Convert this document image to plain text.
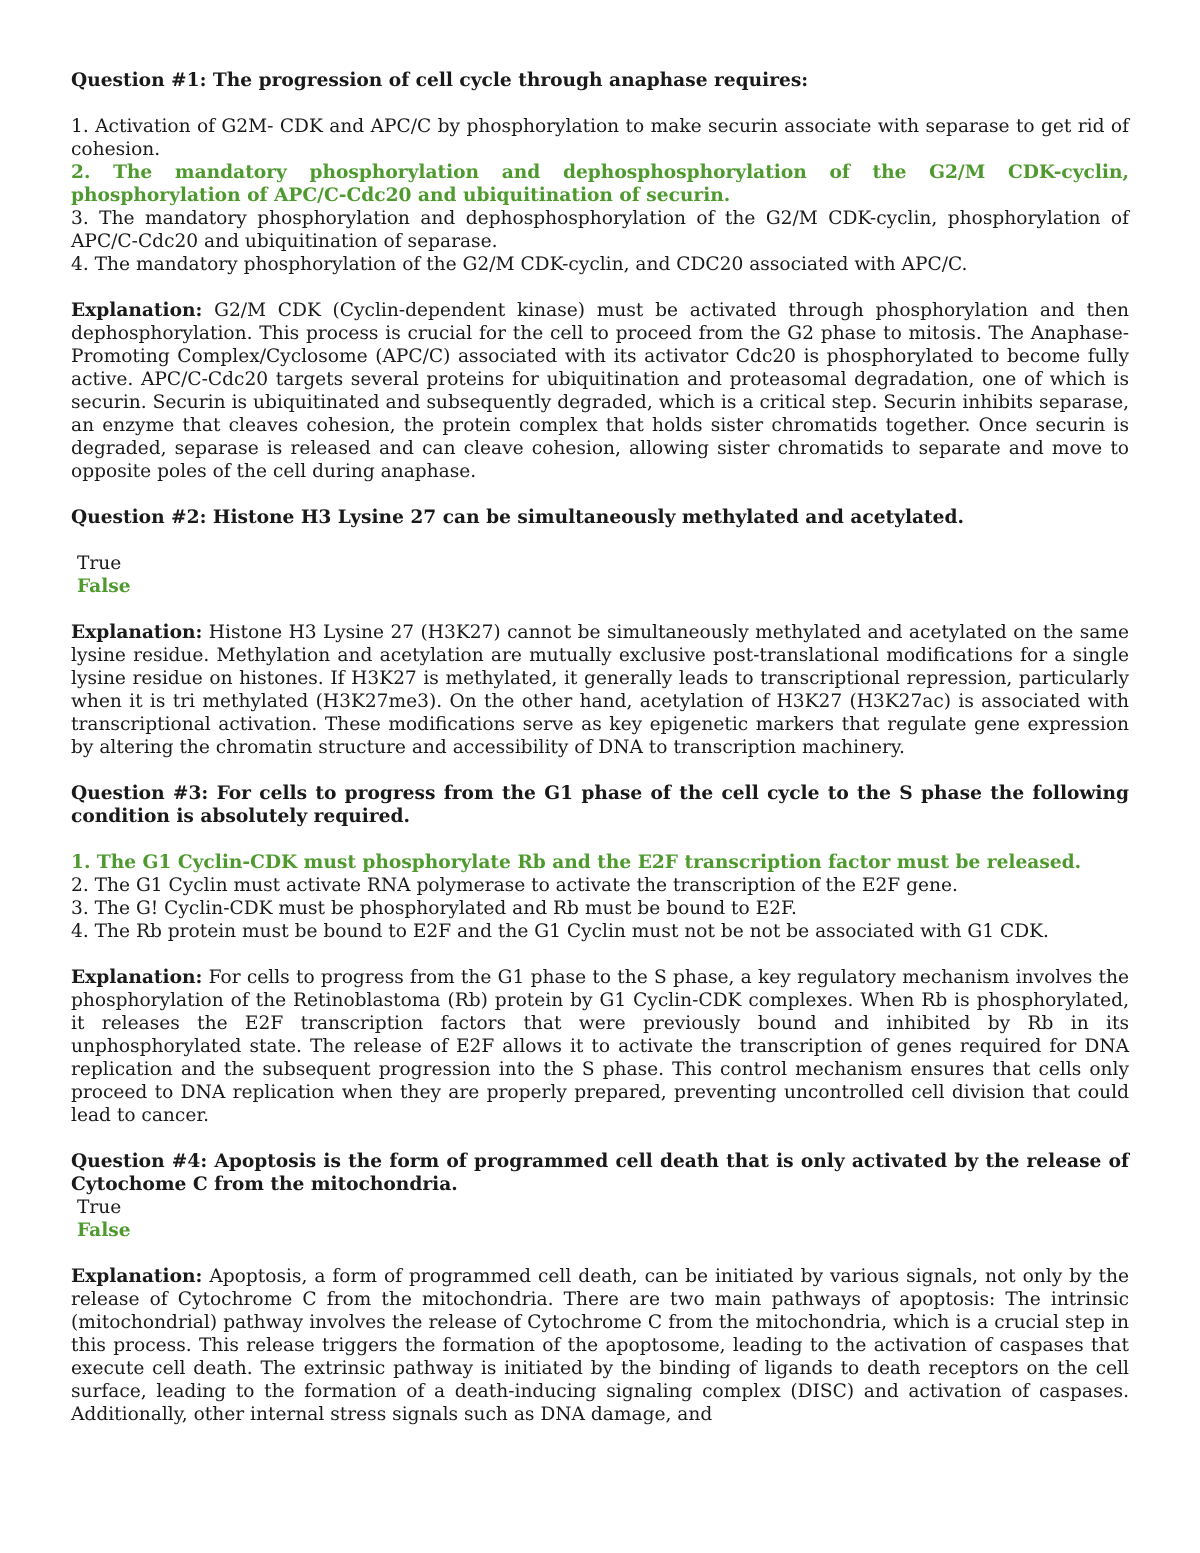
Question #1: The progression of cell cycle through anaphase requires:

1. Activation of G2M- CDK and APC/C by phosphorylation to make securin associate with separase to get rid of cohesion.

2. The mandatory phosphorylation and dephosphosphorylation of the G2/M CDK-cyclin, phosphorylation of APC/C-Cdc20 and ubiquitination of securin.

3. The mandatory phosphorylation and dephosphosphorylation of the G2/M CDK-cyclin, phosphorylation of APC/C-Cdc20 and ubiquitination of separase.

4. The mandatory phosphorylation of the G2/M CDK-cyclin, and CDC20 associated with APC/C.

Explanation: G2/M CDK (Cyclin-dependent kinase) must be activated through phosphorylation and then dephosphorylation. This process is crucial for the cell to proceed from the G2 phase to mitosis. The Anaphase-Promoting Complex/Cyclosome (APC/C) associated with its activator Cdc20 is phosphorylated to become fully active. APC/C-Cdc20 targets several proteins for ubiquitination and proteasomal degradation, one of which is securin. Securin is ubiquitinated and subsequently degraded, which is a critical step. Securin inhibits separase, an enzyme that cleaves cohesion, the protein complex that holds sister chromatids together. Once securin is degraded, separase is released and can cleave cohesion, allowing sister chromatids to separate and move to opposite poles of the cell during anaphase.

Question #2: Histone H3 Lysine 27 can be simultaneously methylated and acetylated.

True

False

Explanation: Histone H3 Lysine 27 (H3K27) cannot be simultaneously methylated and acetylated on the same lysine residue. Methylation and acetylation are mutually exclusive post-translational modifications for a single lysine residue on histones. If H3K27 is methylated, it generally leads to transcriptional repression, particularly when it is tri methylated (H3K27me3). On the other hand, acetylation of H3K27 (H3K27ac) is associated with transcriptional activation. These modifications serve as key epigenetic markers that regulate gene expression by altering the chromatin structure and accessibility of DNA to transcription machinery.

Question #3: For cells to progress from the G1 phase of the cell cycle to the S phase the following condition is absolutely required.

1. The G1 Cyclin-CDK must phosphorylate Rb and the E2F transcription factor must be released.

2. The G1 Cyclin must activate RNA polymerase to activate the transcription of the E2F gene.

3. The G! Cyclin-CDK must be phosphorylated and Rb must be bound to E2F.

4. The Rb protein must be bound to E2F and the G1 Cyclin must not be not be associated with G1 CDK.

Explanation: For cells to progress from the G1 phase to the S phase, a key regulatory mechanism involves the phosphorylation of the Retinoblastoma (Rb) protein by G1 Cyclin-CDK complexes. When Rb is phosphorylated, it releases the E2F transcription factors that were previously bound and inhibited by Rb in its unphosphorylated state. The release of E2F allows it to activate the transcription of genes required for DNA replication and the subsequent progression into the S phase. This control mechanism ensures that cells only proceed to DNA replication when they are properly prepared, preventing uncontrolled cell division that could lead to cancer.

Question #4: Apoptosis is the form of programmed cell death that is only activated by the release of Cytochome C from the mitochondria.

True

False

Explanation: Apoptosis, a form of programmed cell death, can be initiated by various signals, not only by the release of Cytochrome C from the mitochondria. There are two main pathways of apoptosis: The intrinsic (mitochondrial) pathway involves the release of Cytochrome C from the mitochondria, which is a crucial step in this process. This release triggers the formation of the apoptosome, leading to the activation of caspases that execute cell death. The extrinsic pathway is initiated by the binding of ligands to death receptors on the cell surface, leading to the formation of a death-inducing signaling complex (DISC) and activation of caspases. Additionally, other internal stress signals such as DNA damage, and
